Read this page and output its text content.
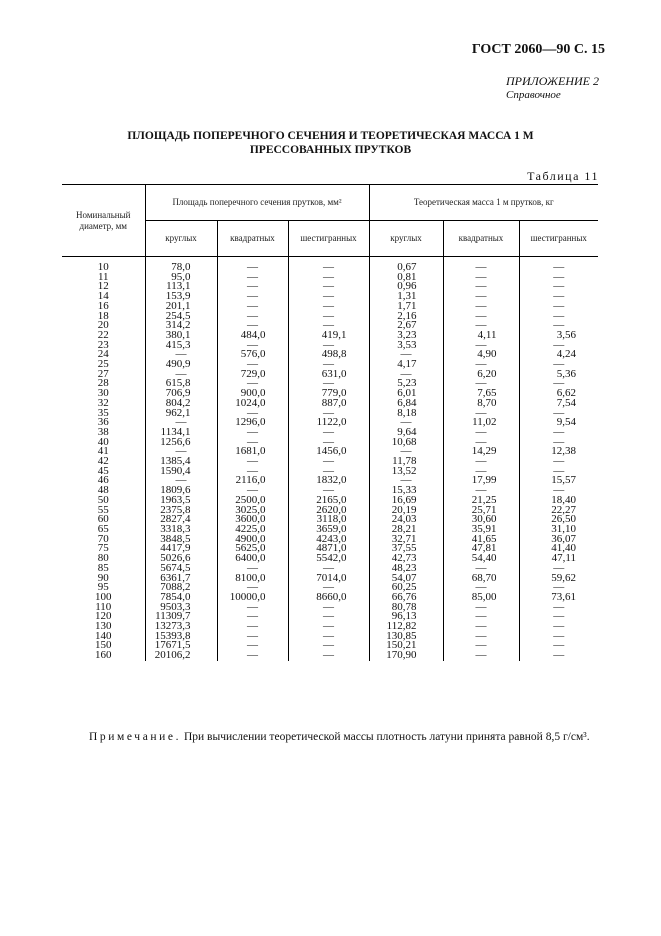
ГОСТ 2060—90 С. 15
ПРИЛОЖЕНИЕ 2
Справочное
ПЛОЩАДЬ ПОПЕРЕЧНОГО СЕЧЕНИЯ И ТЕОРЕТИЧЕСКАЯ МАССА 1 М
ПРЕССОВАННЫХ ПРУТКОВ
Таблица 11
Номинальный диаметр, мм	Площадь поперечного сечения прутков, мм²			Теоретическая масса 1 м прутков, кг		
	круглых	квадратных	шестигранных	круглых	квадратных	шестигранных
10	78,0	—	—	0,67	—	—
11	95,0	—	—	0,81	—	—
12	113,1	—	—	0,96	—	—
14	153,9	—	—	1,31	—	—
16	201,1	—	—	1,71	—	—
18	254,5	—	—	2,16	—	—
20	314,2	—	—	2,67	—	—
22	380,1	484,0	419,1	3,23	4,11	3,56
23	415,3	—	—	3,53	—	—
24	—	576,0	498,8	—	4,90	4,24
25	490,9	—	—	4,17	—	—
27	—	729,0	631,0	—	6,20	5,36
28	615,8	—	—	5,23	—	—
30	706,9	900,0	779,0	6,01	7,65	6,62
32	804,2	1024,0	887,0	6,84	8,70	7,54
35	962,1	—	—	8,18	—	—
36	—	1296,0	1122,0	—	11,02	9,54
38	1134,1	—	—	9,64	—	—
40	1256,6	—	—	10,68	—	—
41	—	1681,0	1456,0	—	14,29	12,38
42	1385,4	—	—	11,78	—	—
45	1590,4	—	—	13,52	—	—
46	—	2116,0	1832,0	—	17,99	15,57
48	1809,6	—	—	15,33	—	—
50	1963,5	2500,0	2165,0	16,69	21,25	18,40
55	2375,8	3025,0	2620,0	20,19	25,71	22,27
60	2827,4	3600,0	3118,0	24,03	30,60	26,50
65	3318,3	4225,0	3659,0	28,21	35,91	31,10
70	3848,5	4900,0	4243,0	32,71	41,65	36,07
75	4417,9	5625,0	4871,0	37,55	47,81	41,40
80	5026,6	6400,0	5542,0	42,73	54,40	47,11
85	5674,5	—	—	48,23	—	—
90	6361,7	8100,0	7014,0	54,07	68,70	59,62
95	7088,2	—	—	60,25	—	—
100	7854,0	10000,0	8660,0	66,76	85,00	73,61
110	9503,3	—	—	80,78	—	—
120	11309,7	—	—	96,13	—	—
130	13273,3	—	—	112,82	—	—
140	15393,8	—	—	130,85	—	—
150	17671,5	—	—	150,21	—	—
160	20106,2	—	—	170,90	—	—
Примечание. При вычислении теоретической массы плотность латуни принята равной 8,5 г/см³.
